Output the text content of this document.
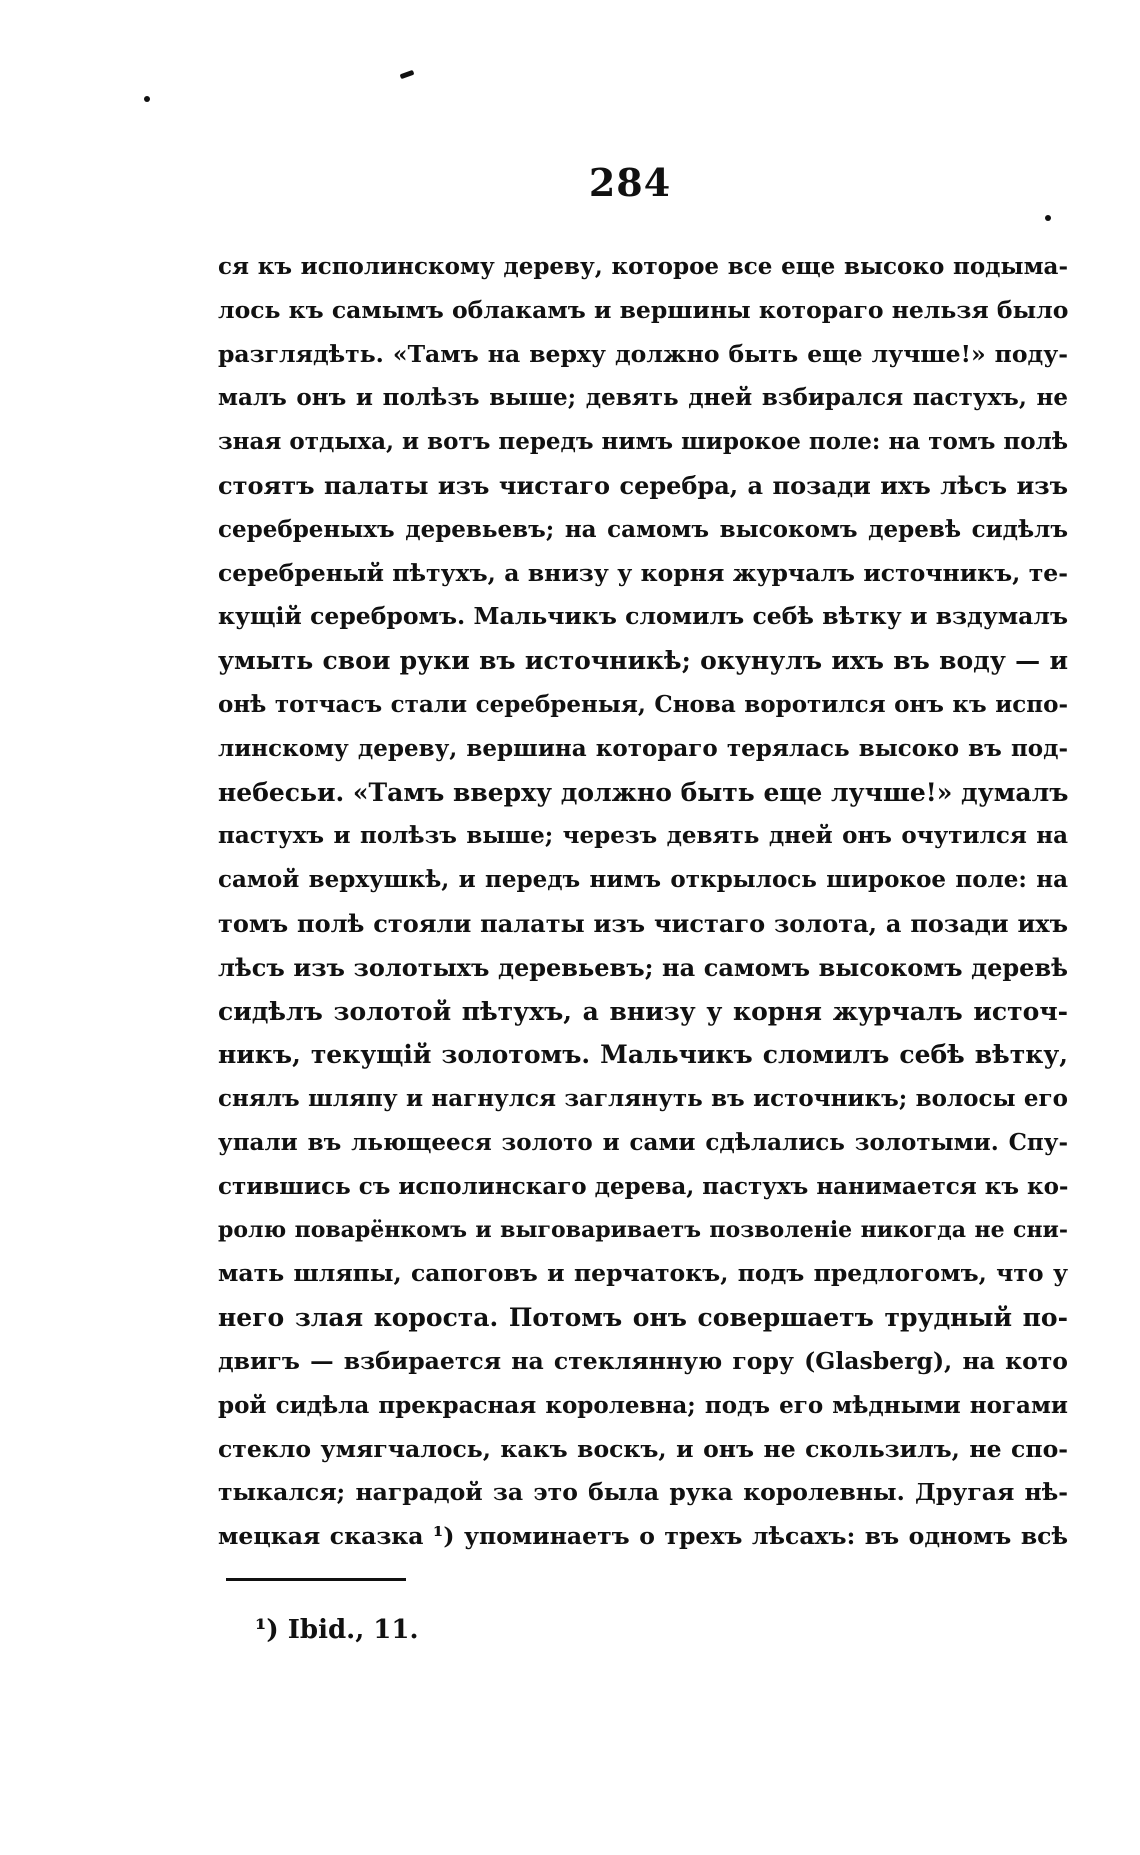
284
ся къ исполинскому дереву, которое все еще высоко подыма-
лось къ самымъ облакамъ и вершины котораго нельзя было
разглядѣть. «Тамъ на верху должно быть еще лучше!» поду-
малъ онъ и полѣзъ выше; девять дней взбирался пастухъ, не
зная отдыха, и вотъ передъ нимъ широкое поле: на томъ полѣ
стоятъ палаты изъ чистаго серебра, а позади ихъ лѣсъ изъ
серебреныхъ деревьевъ; на самомъ высокомъ деревѣ сидѣлъ
серебреный пѣтухъ, а внизу у корня журчалъ источникъ, те-
кущій серебромъ. Мальчикъ сломилъ себѣ вѣтку и вздумалъ
умыть свои руки въ источникѣ; окунулъ ихъ въ воду — и
онѣ тотчасъ стали серебреныя, Снова воротился онъ къ испо-
линскому дереву, вершина котораго терялась высоко въ под-
небесьи. «Тамъ вверху должно быть еще лучше!» думалъ
пастухъ и полѣзъ выше; черезъ девять дней онъ очутился на
самой верхушкѣ, и передъ нимъ открылось широкое поле: на
томъ полѣ стояли палаты изъ чистаго золота, а позади ихъ
лѣсъ изъ золотыхъ деревьевъ; на самомъ высокомъ деревѣ
сидѣлъ золотой пѣтухъ, а внизу у корня журчалъ источ-
никъ, текущій золотомъ. Мальчикъ сломилъ себѣ вѣтку,
снялъ шляпу и нагнулся заглянуть въ источникъ; волосы его
упали въ льющееся золото и сами сдѣлались золотыми. Спу-
стившись съ исполинскаго дерева, пастухъ нанимается къ ко-
ролю поварёнкомъ и выговариваетъ позволеніе никогда не сни-
мать шляпы, сапоговъ и перчатокъ, подъ предлогомъ, что у
него злая короста. Потомъ онъ совершаетъ трудный по-
двигъ — взбирается на стеклянную гору (Glasberg), на кото
рой сидѣла прекрасная королевна; подъ его мѣдными ногами
стекло умягчалось, какъ воскъ, и онъ не скользилъ, не спо-
тыкался; наградой за это была рука королевны. Другая нѣ-
мецкая сказка ¹) упоминаетъ о трехъ лѣсахъ: въ одномъ всѣ
¹) Ibid., 11.
